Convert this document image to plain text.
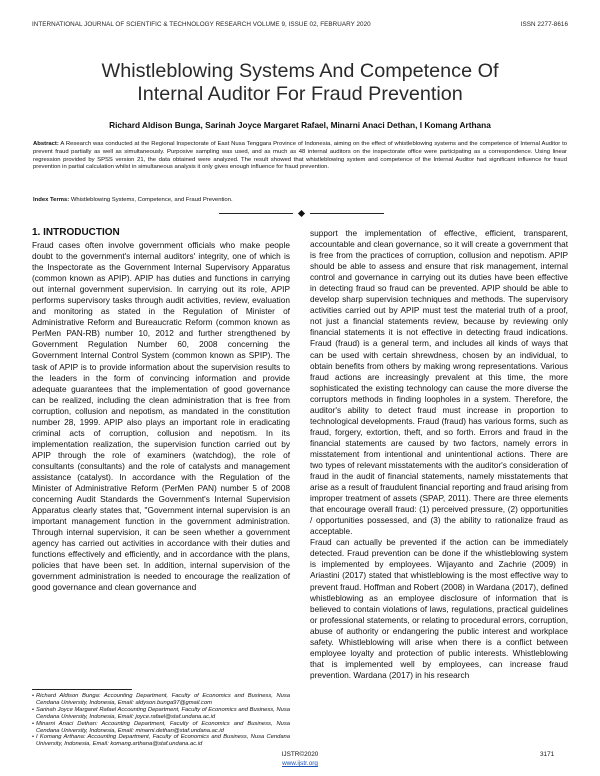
INTERNATIONAL JOURNAL OF SCIENTIFIC & TECHNOLOGY RESEARCH VOLUME 9, ISSUE 02, FEBRUARY 2020	ISSN 2277-8616
Whistleblowing Systems And Competence Of
Internal Auditor For Fraud Prevention
Richard Aldison Bunga, Sarinah Joyce Margaret Rafael, Minarni Anaci Dethan, I Komang Arthana
Abstract: A Research was conducted at the Regional Inspectorate of East Nusa Tenggara Province of Indonesia, aiming on the effect of whistleblowing systems and the competence of Internal Auditor to prevent fraud partially as well as simultaneously. Purposive sampling was used, and as much as 48 internal auditors on the inspectorate office were participating as a correspondence. Using linear regression provided by SPSS version 21, the data obtained were analyzed. The result showed that whistleblowing system and competence of the Internal Auditor had significant influence for fraud prevention in partial calculation whilst in simultaneous analysis it only gives enough influence for fraud prevention.
Index Terms: Whistleblowing Systems, Competence, and Fraud Prevention.
1. INTRODUCTION

Fraud cases often involve government officials who make people doubt to the government's internal auditors' integrity, one of which is the Inspectorate as the Government Internal Supervisory Apparatus (common known as APIP). APIP has duties and functions in carrying out internal government supervision. In carrying out its role, APIP performs supervisory tasks through audit activities, review, evaluation and monitoring as stated in the Regulation of Minister of Administrative Reform and Bureaucratic Reform (common known as PerMen PAN-RB) number 10, 2012 and further strengthened by Government Regulation Number 60, 2008 concerning the Government Internal Control System (common known as SPIP). The task of APIP is to provide information about the supervision results to the leaders in the form of convincing information and provide adequate guarantees that the implementation of good governance can be realized, including the clean administration that is free from corruption, collusion and nepotism, as mandated in the constitution number 28, 1999. APIP also plays an important role in eradicating criminal acts of corruption, collusion and nepotism. In its implementation realization, the supervision function carried out by APIP through the role of examiners (watchdog), the role of consultants (consultants) and the role of catalysts and management assistance (catalyst). In accordance with the Regulation of the Minister of Administrative Reform (PerMen PAN) number 5 of 2008 concerning Audit Standards the Government's Internal Supervision Apparatus clearly states that, "Government internal supervision is an important management function in the government administration. Through internal supervision, it can be seen whether a government agency has carried out activities in accordance with their duties and functions effectively and efficiently, and in accordance with the plans, policies that have been set. In addition, internal supervision of the government administration is needed to encourage the realization of good governance and clean governance and

support the implementation of effective, efficient, transparent, accountable and clean governance, so it will create a government that is free from the practices of corruption, collusion and nepotism. APIP should be able to assess and ensure that risk management, internal control and governance in carrying out its duties have been effective in detecting fraud so fraud can be prevented. APIP should be able to develop sharp supervision techniques and methods. The supervisory activities carried out by APIP must test the material truth of a proof, not just a financial statements review, because by reviewing only financial statements it is not effective in detecting fraud indications. Fraud (fraud) is a general term, and includes all kinds of ways that can be used with certain shrewdness, chosen by an individual, to obtain benefits from others by making wrong representations. Various fraud actions are increasingly prevalent at this time, the more sophisticated the existing technology can cause the more diverse the corruptors methods in finding loopholes in a system. Therefore, the auditor's ability to detect fraud must increase in proportion to technological developments. Fraud (fraud) has various forms, such as fraud, forgery, extortion, theft, and so forth. Errors and fraud in the financial statements are caused by two factors, namely errors in misstatement from intentional and unintentional actions. There are two types of relevant misstatements with the auditor's consideration of fraud in the audit of financial statements, namely misstatements that arise as a result of fraudulent financial reporting and fraud arising from improper treatment of assets (SPAP, 2011). There are three elements that encourage overall fraud: (1) perceived pressure, (2) opportunities / opportunities possessed, and (3) the ability to rationalize fraud as acceptable.

Fraud can actually be prevented if the action can be immediately detected. Fraud prevention can be done if the whistleblowing system is implemented by employees. Wijayanto and Zachrie (2009) in Ariastini (2017) stated that whistleblowing is the most effective way to prevent fraud. Hoffman and Robert (2008) in Wardana (2017), defined whistleblowing as an employee disclosure of information that is believed to contain violations of laws, regulations, practical guidelines or professional statements, or relating to procedural errors, corruption, abuse of authority or endangering the public interest and workplace safety. Whistleblowing will arise when there is a conflict between employee loyalty and protection of public interests. Whistleblowing that is implemented well by employees, can increase fraud prevention. Wardana (2017) in his research

• Richard Aldison Bunga: Accounting Department, Faculty of Economics and Business, Nusa Cendana University, Indonesia, Email: aldyson.bunga97@gmail.com
• Sarinah Joyce Margaret Rafael Accounting Department, Faculty of Economics and Business, Nusa Cendana University, Indonesia, Email: joyce.rafael@staf.undana.ac.id
• Minarni Anaci Dethan: Accounting Department, Faculty of Economics and Business, Nusa Cendana University, Indonesia, Email: minarni.dethan@staf.undana.ac.id
• I Komang Arthana: Accounting Department, Faculty of Economics and Business, Nusa Cendana University, Indonesia, Email: komang.arthana@staf.undana.ac.id
IJSTR©2020
www.ijstr.org
3171
